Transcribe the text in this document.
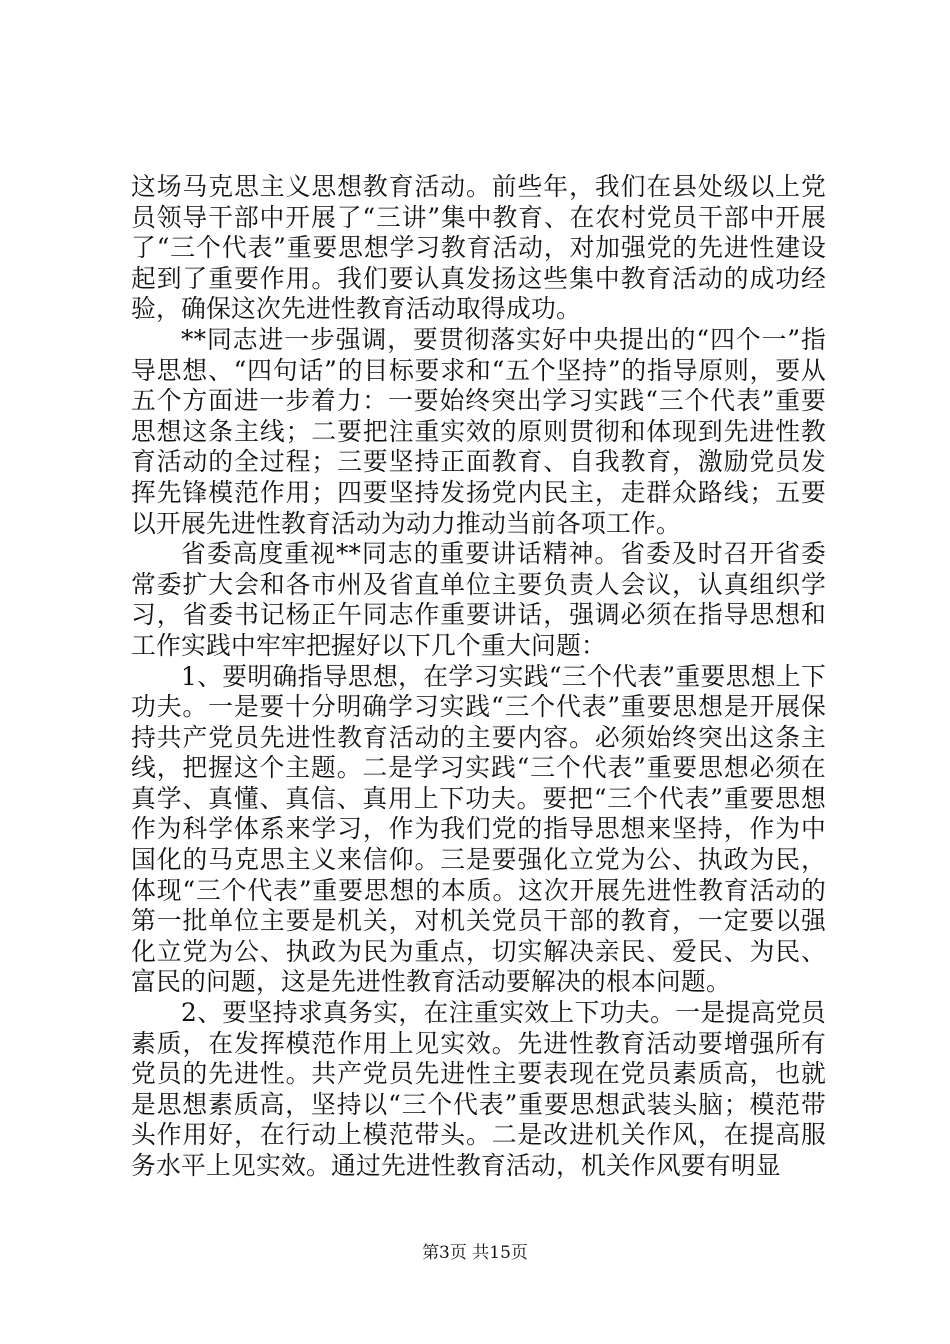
这场马克思主义思想教育活动。前些年，我们在县处级以上党员领导干部中开展了“三讲”集中教育、在农村党员干部中开展了“三个代表”重要思想学习教育活动，对加强党的先进性建设起到了重要作用。我们要认真发扬这些集中教育活动的成功经验，确保这次先进性教育活动取得成功。

**同志进一步强调，要贯彻落实好中央提出的“四个一”指导思想、“四句话”的目标要求和“五个坚持”的指导原则，要从五个方面进一步着力：一要始终突出学习实践“三个代表”重要思想这条主线；二要把注重实效的原则贯彻和体现到先进性教育活动的全过程；三要坚持正面教育、自我教育，激励党员发挥先锋模范作用；四要坚持发扬党内民主，走群众路线；五要以开展先进性教育活动为动力推动当前各项工作。

省委高度重视**同志的重要讲话精神。省委及时召开省委常委扩大会和各市州及省直单位主要负责人会议，认真组织学习，省委书记杨正午同志作重要讲话，强调必须在指导思想和工作实践中牢牢把握好以下几个重大问题：

1、要明确指导思想，在学习实践“三个代表”重要思想上下功夫。一是要十分明确学习实践“三个代表”重要思想是开展保持共产党员先进性教育活动的主要内容。必须始终突出这条主线，把握这个主题。二是学习实践“三个代表”重要思想必须在真学、真懂、真信、真用上下功夫。要把“三个代表”重要思想作为科学体系来学习，作为我们党的指导思想来坚持，作为中国化的马克思主义来信仰。三是要强化立党为公、执政为民，体现“三个代表”重要思想的本质。这次开展先进性教育活动的第一批单位主要是机关，对机关党员干部的教育，一定要以强化立党为公、执政为民为重点，切实解决亲民、爱民、为民、富民的问题，这是先进性教育活动要解决的根本问题。

2、要坚持求真务实，在注重实效上下功夫。一是提高党员素质，在发挥模范作用上见实效。先进性教育活动要增强所有党员的先进性。共产党员先进性主要表现在党员素质高，也就是思想素质高，坚持以“三个代表”重要思想武装头脑；模范带头作用好，在行动上模范带头。二是改进机关作风，在提高服务水平上见实效。通过先进性教育活动，机关作风要有明显

第3页 共15页
